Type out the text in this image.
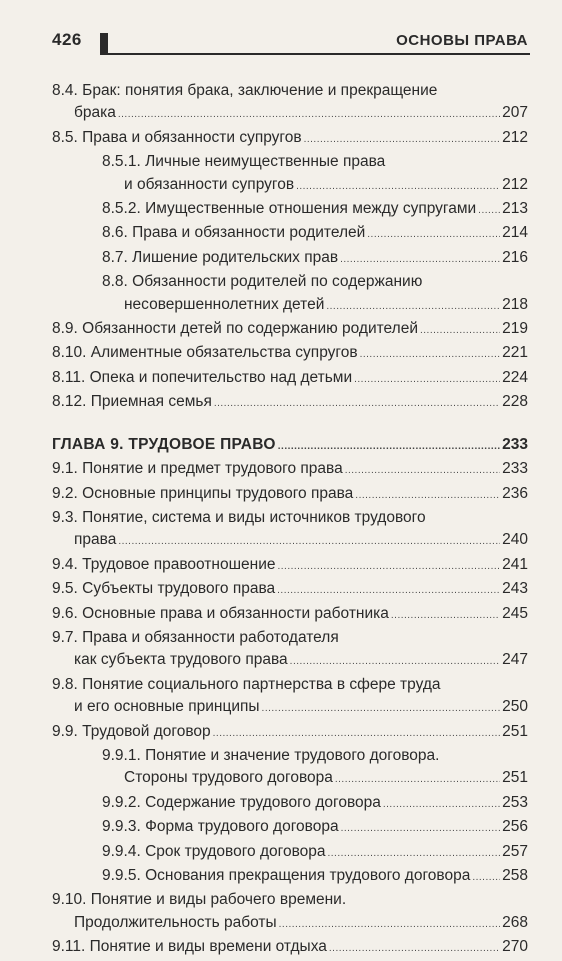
426	ОСНОВЫ ПРАВА
8.4. Брак: понятия брака, заключение и прекращение
брака .....	207
8.5. Права и обязанности супругов .....	212
8.5.1. Личные неимущественные права
и обязанности супругов .....	212
8.5.2. Имущественные отношения между супругами ..... 213
8.6. Права и обязанности родителей .....	214
8.7. Лишение родительских прав .....	216
8.8. Обязанности родителей по содержанию
несовершеннолетних детей .....	218
8.9. Обязанности детей по содержанию родителей .....	219
8.10. Алиментные обязательства супругов .....	221
8.11. Опека и попечительство над детьми .....	224
8.12. Приемная семья .....	228
ГЛАВА 9. ТРУДОВОЕ ПРАВО .....	233
9.1. Понятие и предмет трудового права .....	233
9.2. Основные принципы трудового права .....	236
9.3. Понятие, система и виды источников трудового
права .....	240
9.4. Трудовое правоотношение .....	241
9.5. Субъекты трудового права .....	243
9.6. Основные права и обязанности работника .....	245
9.7. Права и обязанности работодателя
как субъекта трудового права .....	247
9.8. Понятие социального партнерства в сфере труда
и его основные принципы .....	250
9.9. Трудовой договор .....	251
9.9.1. Понятие и значение трудового договора.
Стороны трудового договора .....	251
9.9.2. Содержание трудового договора .....	253
9.9.3. Форма трудового договора .....	256
9.9.4. Срок трудового договора .....	257
9.9.5. Основания прекращения трудового договора ..... 258
9.10. Понятие и виды рабочего времени.
Продолжительность работы .....	268
9.11. Понятие и виды времени отдыха .....	270
